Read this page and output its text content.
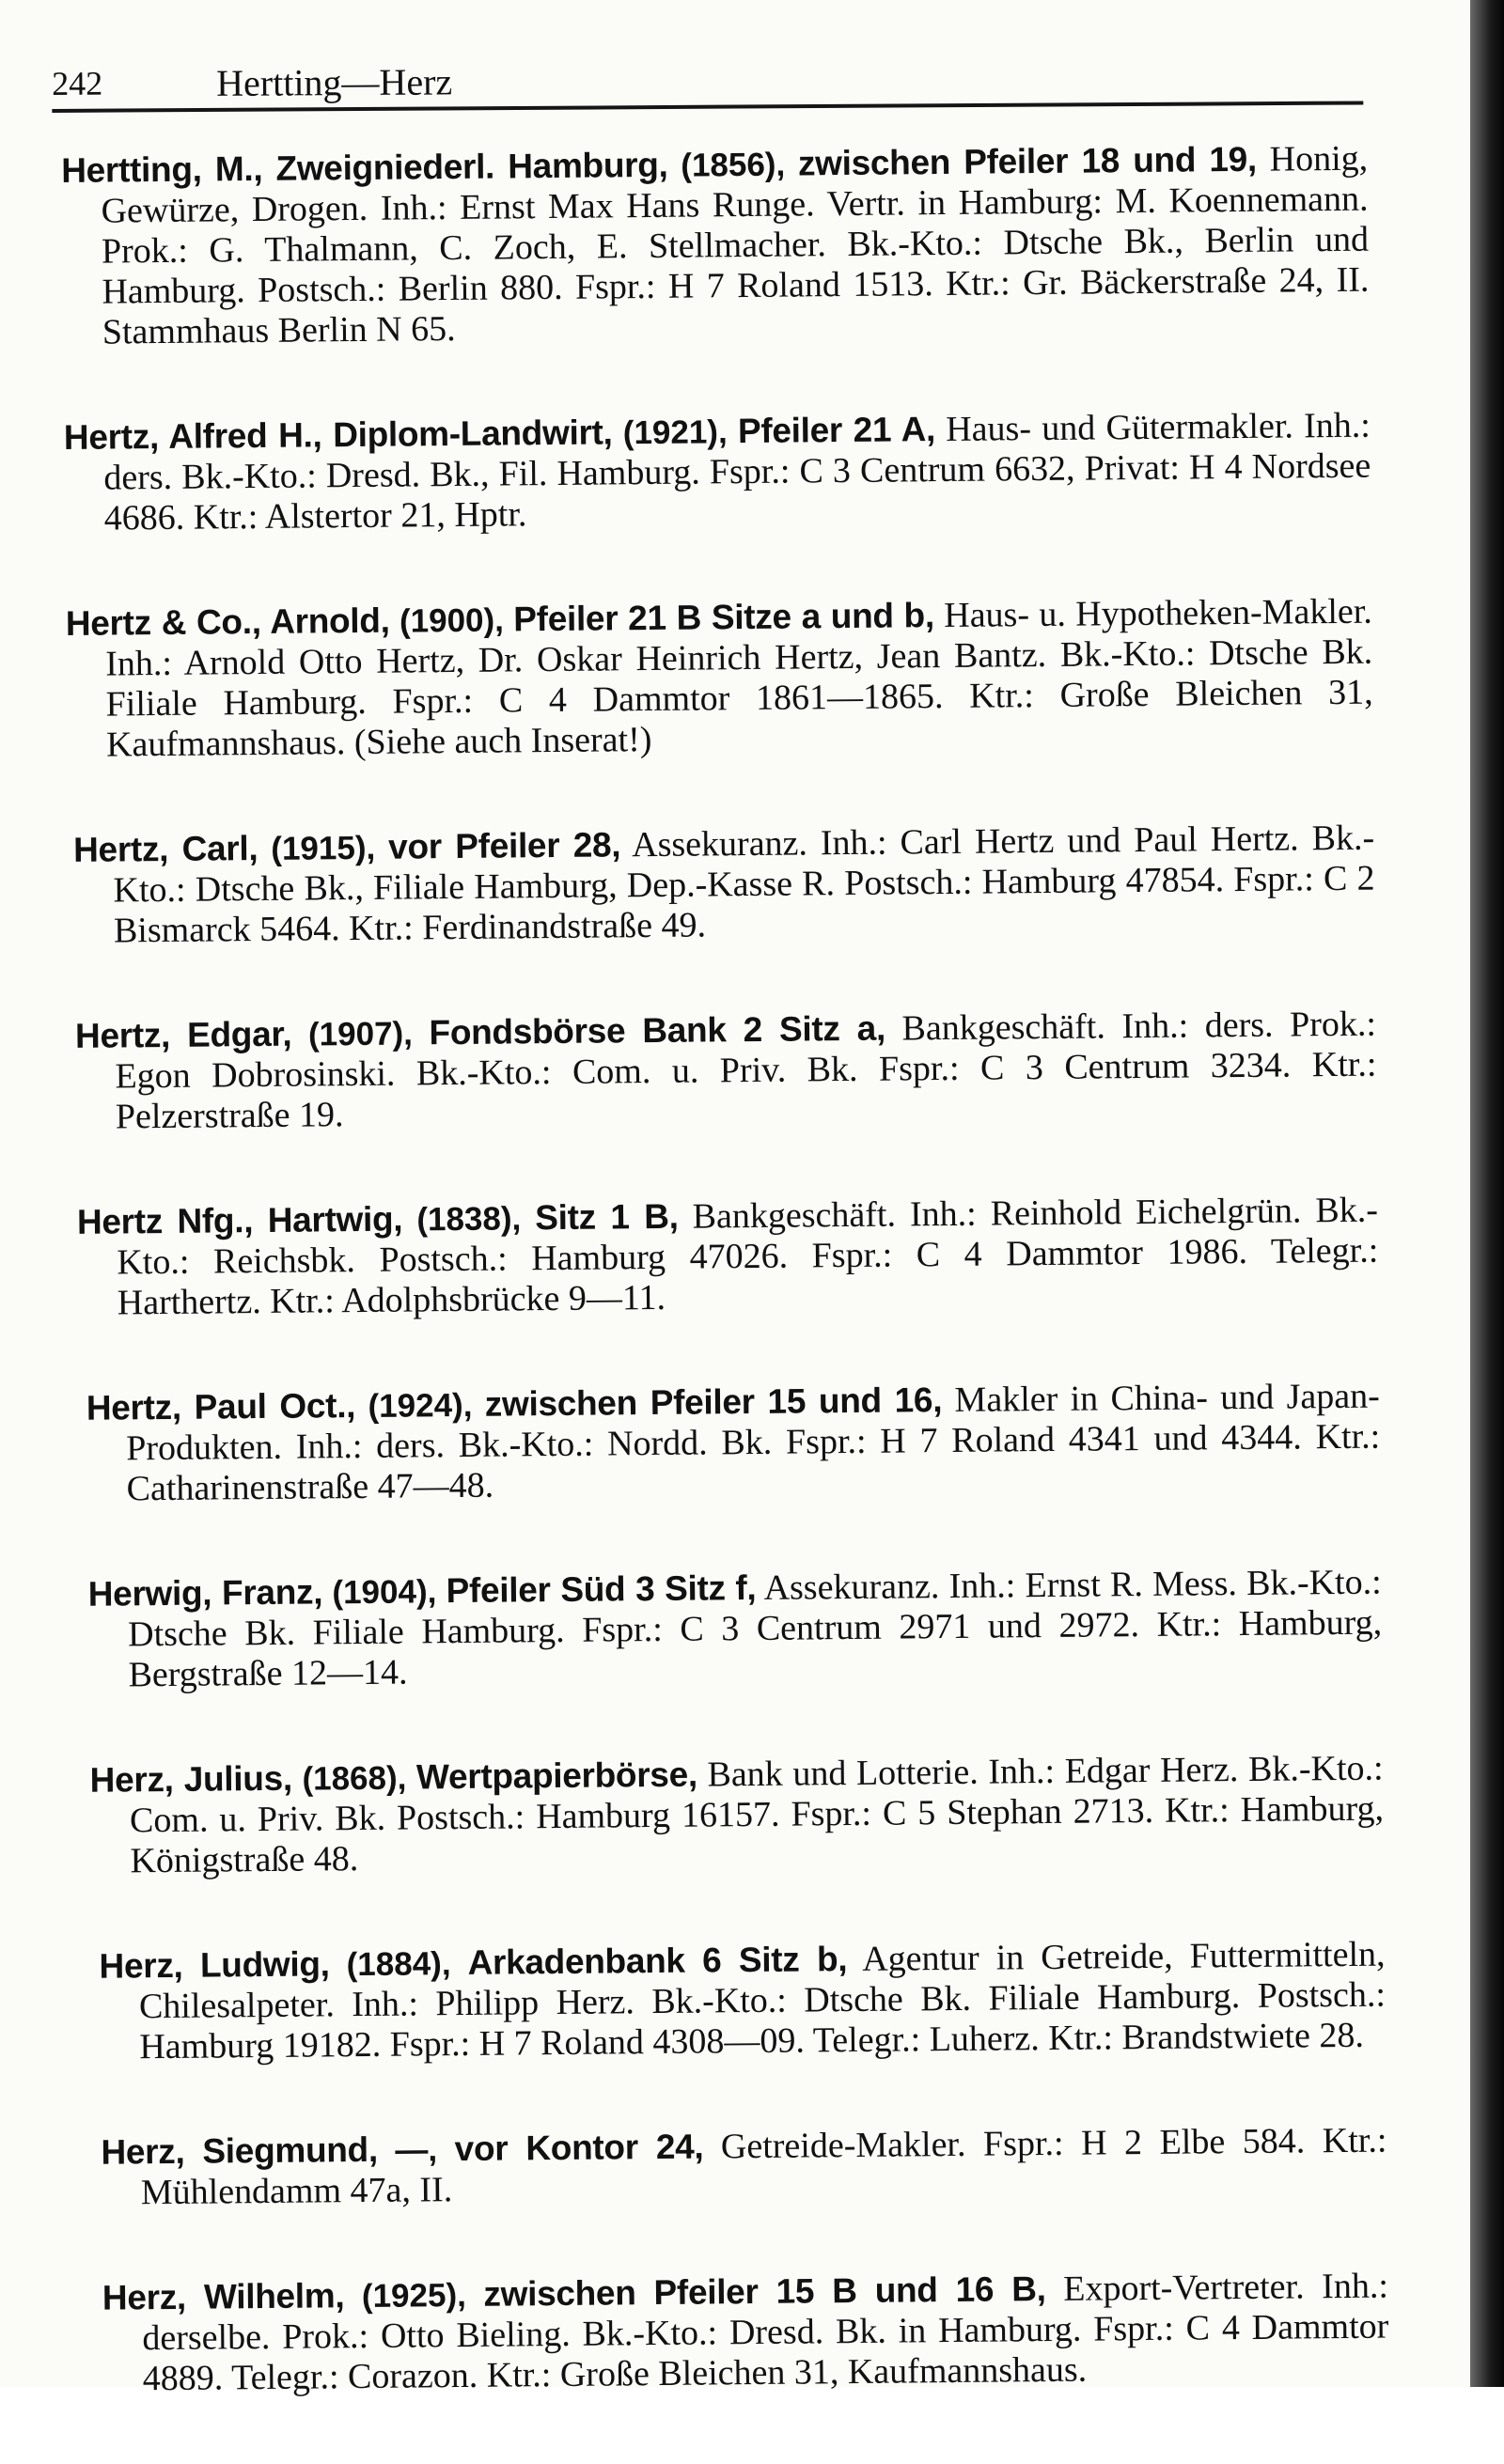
242	Hertting—Herz

Hertting, M., Zweigniederl. Hamburg, (1856), zwischen Pfeiler 18 und 19, Honig, Gewürze, Drogen. Inh.: Ernst Max Hans Runge. Vertr. in Hamburg: M. Koennemann. Prok.: G. Thalmann, C. Zoch, E. Stellmacher. Bk.-Kto.: Dtsche Bk., Berlin und Hamburg. Postsch.: Berlin 880. Fspr.: H 7 Roland 1513. Ktr.: Gr. Bäckerstraße 24, II. Stammhaus Berlin N 65.

Hertz, Alfred H., Diplom-Landwirt, (1921), Pfeiler 21 A, Haus- und Gütermakler. Inh.: ders. Bk.-Kto.: Dresd. Bk., Fil. Hamburg. Fspr.: C 3 Centrum 6632, Privat: H 4 Nordsee 4686. Ktr.: Alstertor 21, Hptr.

Hertz & Co., Arnold, (1900), Pfeiler 21 B Sitze a und b, Haus- u. Hypotheken-Makler. Inh.: Arnold Otto Hertz, Dr. Oskar Heinrich Hertz, Jean Bantz. Bk.-Kto.: Dtsche Bk. Filiale Hamburg. Fspr.: C 4 Dammtor 1861—1865. Ktr.: Große Bleichen 31, Kaufmannshaus. (Siehe auch Inserat!)

Hertz, Carl, (1915), vor Pfeiler 28, Assekuranz. Inh.: Carl Hertz und Paul Hertz. Bk.-Kto.: Dtsche Bk., Filiale Hamburg, Dep.-Kasse R. Postsch.: Hamburg 47854. Fspr.: C 2 Bismarck 5464. Ktr.: Ferdinandstraße 49.

Hertz, Edgar, (1907), Fondsbörse Bank 2 Sitz a, Bankgeschäft. Inh.: ders. Prok.: Egon Dobrosinski. Bk.-Kto.: Com. u. Priv. Bk. Fspr.: C 3 Centrum 3234. Ktr.: Pelzerstraße 19.

Hertz Nfg., Hartwig, (1838), Sitz 1 B, Bankgeschäft. Inh.: Reinhold Eichelgrün. Bk.-Kto.: Reichsbk. Postsch.: Hamburg 47026. Fspr.: C 4 Dammtor 1986. Telegr.: Harthertz. Ktr.: Adolphsbrücke 9—11.

Hertz, Paul Oct., (1924), zwischen Pfeiler 15 und 16, Makler in China- und Japan-Produkten. Inh.: ders. Bk.-Kto.: Nordd. Bk. Fspr.: H 7 Roland 4341 und 4344. Ktr.: Catharinenstraße 47—48.

Herwig, Franz, (1904), Pfeiler Süd 3 Sitz f, Assekuranz. Inh.: Ernst R. Mess. Bk.-Kto.: Dtsche Bk. Filiale Hamburg. Fspr.: C 3 Centrum 2971 und 2972. Ktr.: Hamburg, Bergstraße 12—14.

Herz, Julius, (1868), Wertpapierbörse, Bank und Lotterie. Inh.: Edgar Herz. Bk.-Kto.: Com. u. Priv. Bk. Postsch.: Hamburg 16157. Fspr.: C 5 Stephan 2713. Ktr.: Hamburg, Königstraße 48.

Herz, Ludwig, (1884), Arkadenbank 6 Sitz b, Agentur in Getreide, Futtermitteln, Chilesalpeter. Inh.: Philipp Herz. Bk.-Kto.: Dtsche Bk. Filiale Hamburg. Postsch.: Hamburg 19182. Fspr.: H 7 Roland 4308—09. Telegr.: Luherz. Ktr.: Brandstwiete 28.

Herz, Siegmund, —, vor Kontor 24, Getreide-Makler. Fspr.: H 2 Elbe 584. Ktr.: Mühlendamm 47a, II.

Herz, Wilhelm, (1925), zwischen Pfeiler 15 B und 16 B, Export-Vertreter. Inh.: derselbe. Prok.: Otto Bieling. Bk.-Kto.: Dresd. Bk. in Hamburg. Fspr.: C 4 Dammtor 4889. Telegr.: Corazon. Ktr.: Große Bleichen 31, Kaufmannshaus.
